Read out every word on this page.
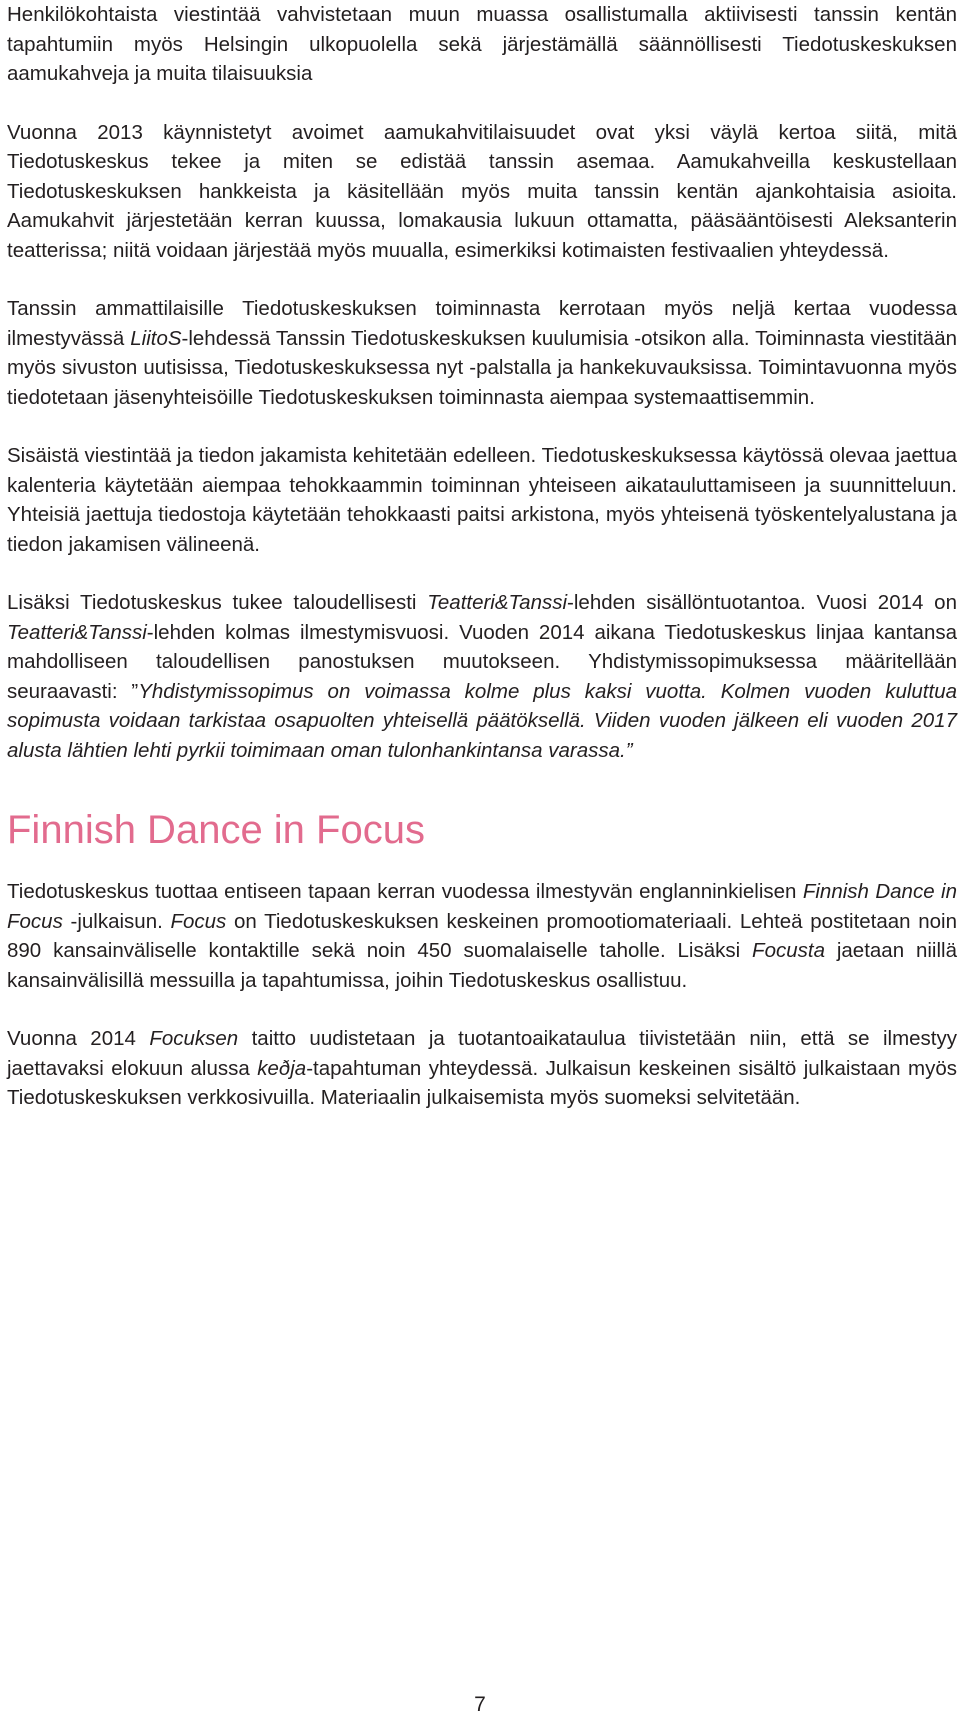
Henkilökohtaista viestintää vahvistetaan muun muassa osallistumalla aktiivisesti tanssin kentän tapahtumiin myös Helsingin ulkopuolella sekä järjestämällä säännöllisesti Tiedotuskeskuksen aamukahveja ja muita tilaisuuksia

Vuonna 2013 käynnistetyt avoimet aamukahvitilaisuudet ovat yksi väylä kertoa siitä, mitä Tiedotuskeskus tekee ja miten se edistää tanssin asemaa. Aamukahveilla keskustellaan Tiedotuskeskuksen hankkeista ja käsitellään myös muita tanssin kentän ajankohtaisia asioita. Aamukahvit järjestetään kerran kuussa, lomakausia lukuun ottamatta, pääsääntöisesti Aleksanterin teatterissa; niitä voidaan järjestää myös muualla, esimerkiksi kotimaisten festivaalien yhteydessä.

Tanssin ammattilaisille Tiedotuskeskuksen toiminnasta kerrotaan myös neljä kertaa vuodessa ilmestyvässä LiitoS-lehdessä Tanssin Tiedotuskeskuksen kuulumisia -otsikon alla. Toiminnasta viestitään myös sivuston uutisissa, Tiedotuskeskuksessa nyt -palstalla ja hankekuvauksissa. Toimintavuonna myös tiedotetaan jäsenyhteisöille Tiedotuskeskuksen toiminnasta aiempaa systemaattisemmin.

Sisäistä viestintää ja tiedon jakamista kehitetään edelleen. Tiedotuskeskuksessa käytössä olevaa jaettua kalenteria käytetään aiempaa tehokkaammin toiminnan yhteiseen aikatauluttamiseen ja suunnitteluun. Yhteisiä jaettuja tiedostoja käytetään tehokkaasti paitsi arkistona, myös yhteisenä työskentelyalustana ja tiedon jakamisen välineenä.

Lisäksi Tiedotuskeskus tukee taloudellisesti Teatteri&Tanssi-lehden sisällöntuotantoa. Vuosi 2014 on Teatteri&Tanssi-lehden kolmas ilmestymisvuosi. Vuoden 2014 aikana Tiedotuskeskus linjaa kantansa mahdolliseen taloudellisen panostuksen muutokseen. Yhdistymissopimuksessa määritellään seuraavasti: ”Yhdistymissopimus on voimassa kolme plus kaksi vuotta. Kolmen vuoden kuluttua sopimusta voidaan tarkistaa osapuolten yhteisellä päätöksellä. Viiden vuoden jälkeen eli vuoden 2017 alusta lähtien lehti pyrkii toimimaan oman tulonhankintansa varassa.”

Finnish Dance in Focus

Tiedotuskeskus tuottaa entiseen tapaan kerran vuodessa ilmestyvän englanninkielisen Finnish Dance in Focus -julkaisun. Focus on Tiedotuskeskuksen keskeinen promootiomateriaali. Lehteä postitetaan noin 890 kansainväliselle kontaktille sekä noin 450 suomalaiselle taholle. Lisäksi Focusta jaetaan niillä kansainvälisillä messuilla ja tapahtumissa, joihin Tiedotuskeskus osallistuu.

Vuonna 2014 Focuksen taitto uudistetaan ja tuotantoaikataulua tiivistetään niin, että se ilmestyy jaettavaksi elokuun alussa keðja-tapahtuman yhteydessä. Julkaisun keskeinen sisältö julkaistaan myös Tiedotuskeskuksen verkkosivuilla. Materiaalin julkaisemista myös suomeksi selvitetään.

7
